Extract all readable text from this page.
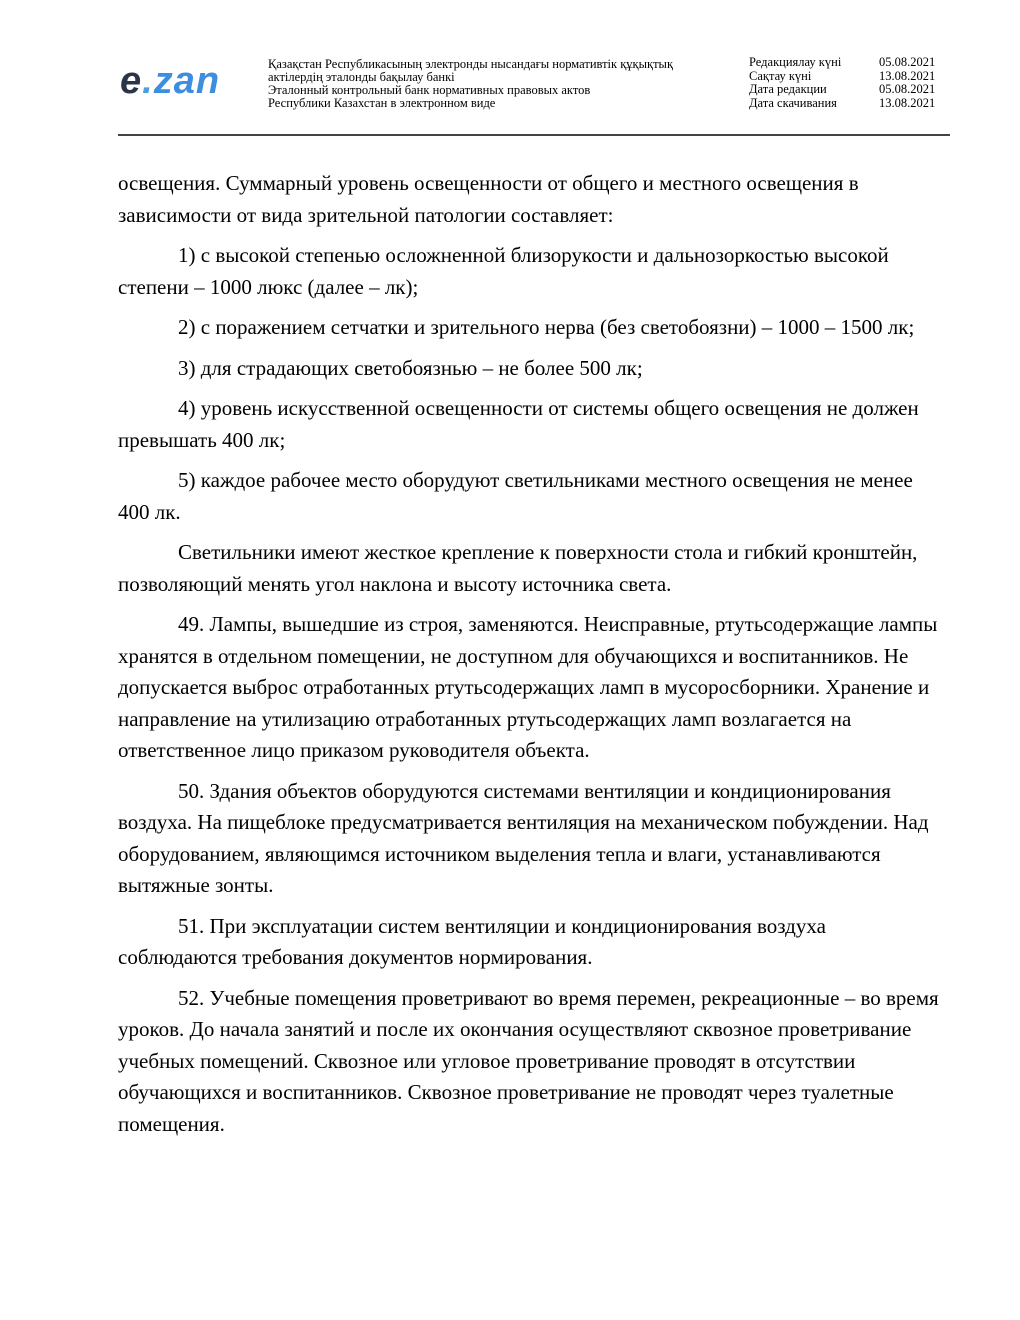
e.zan	Қазақстан Республикасының электронды нысандағы нормативтік құқықтық
актілердің эталонды бақылау банкі
Эталонный контрольный банк нормативных правовых актов
Республики Казахстан в электронном виде
Редакциялау күні	05.08.2021
Сақтау күні	13.08.2021
Дата редакции	05.08.2021
Дата скачивания	13.08.2021

освещения. Суммарный уровень освещенности от общего и местного освещения в зависимости от вида зрительной патологии составляет:

1) с высокой степенью осложненной близорукости и дальнозоркостью высокой степени – 1000 люкс (далее – лк);

2) с поражением сетчатки и зрительного нерва (без светобоязни) – 1000 – 1500 лк;

3) для страдающих светобоязнью – не более 500 лк;

4) уровень искусственной освещенности от системы общего освещения не должен превышать 400 лк;

5) каждое рабочее место оборудуют светильниками местного освещения не менее 400 лк.

Светильники имеют жесткое крепление к поверхности стола и гибкий кронштейн, позволяющий менять угол наклона и высоту источника света.

49. Лампы, вышедшие из строя, заменяются. Неисправные, ртутьсодержащие лампы хранятся в отдельном помещении, не доступном для обучающихся и воспитанников. Не допускается выброс отработанных ртутьсодержащих ламп в мусоросборники. Хранение и направление на утилизацию отработанных ртутьсодержащих ламп возлагается на ответственное лицо приказом руководителя объекта.

50. Здания объектов оборудуются системами вентиляции и кондиционирования воздуха. На пищеблоке предусматривается вентиляция на механическом побуждении. Над оборудованием, являющимся источником выделения тепла и влаги, устанавливаются вытяжные зонты.

51. При эксплуатации систем вентиляции и кондиционирования воздуха соблюдаются требования документов нормирования.

52. Учебные помещения проветривают во время перемен, рекреационные – во время уроков. До начала занятий и после их окончания осуществляют сквозное проветривание учебных помещений. Сквозное или угловое проветривание проводят в отсутствии обучающихся и воспитанников. Сквозное проветривание не проводят через туалетные помещения.
